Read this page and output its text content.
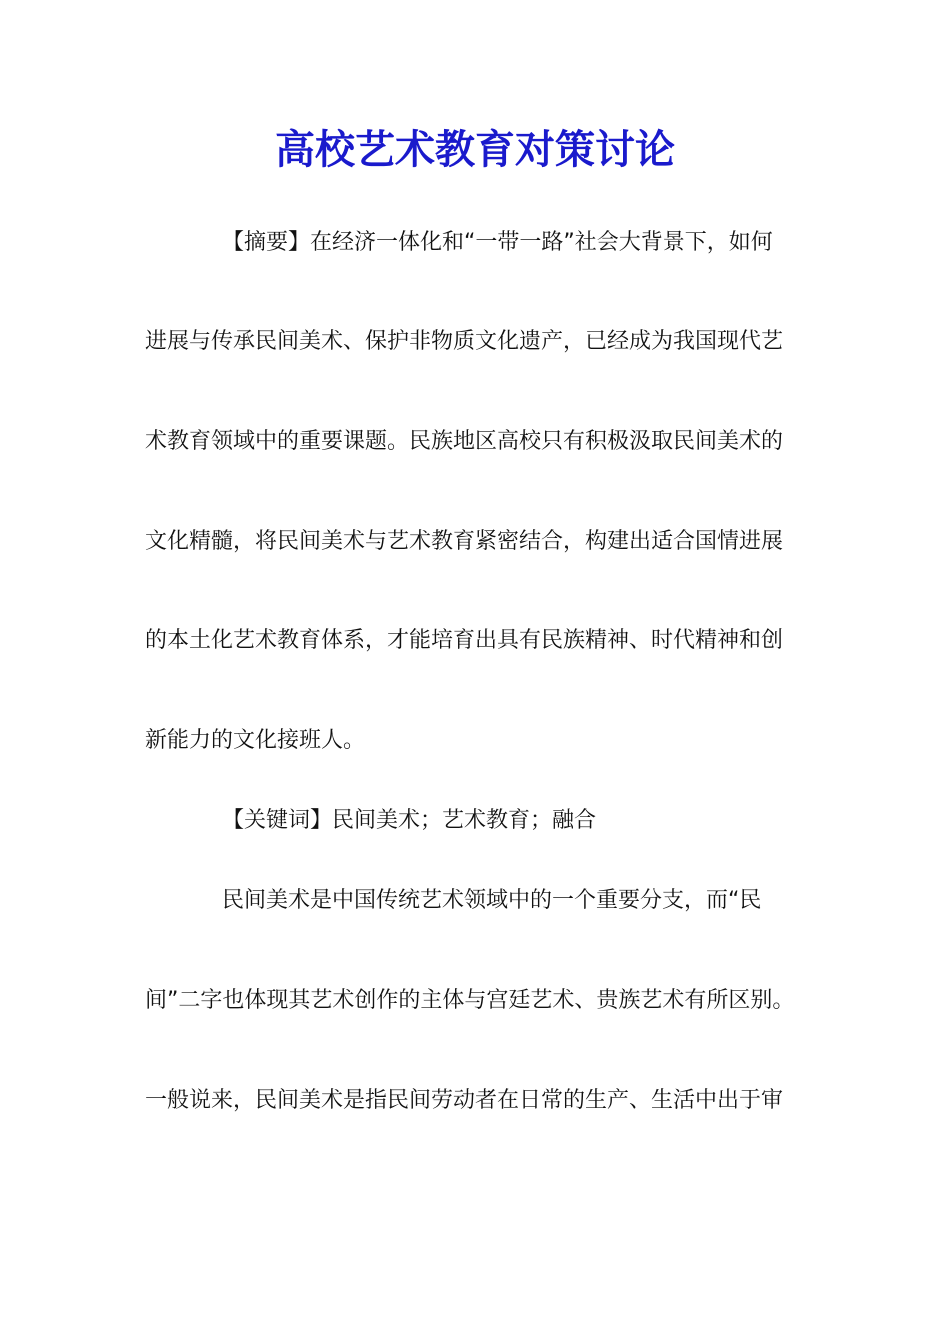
高校艺术教育对策讨论
【摘要】在经济一体化和“一带一路”社会大背景下，如何
进展与传承民间美术、保护非物质文化遗产，已经成为我国现代艺
术教育领域中的重要课题。民族地区高校只有积极汲取民间美术的
文化精髓，将民间美术与艺术教育紧密结合，构建出适合国情进展
的本土化艺术教育体系，才能培育出具有民族精神、时代精神和创
新能力的文化接班人。
【关键词】民间美术；艺术教育；融合
民间美术是中国传统艺术领域中的一个重要分支，而“民
间”二字也体现其艺术创作的主体与宫廷艺术、贵族艺术有所区别。
一般说来，民间美术是指民间劳动者在日常的生产、生活中出于审
